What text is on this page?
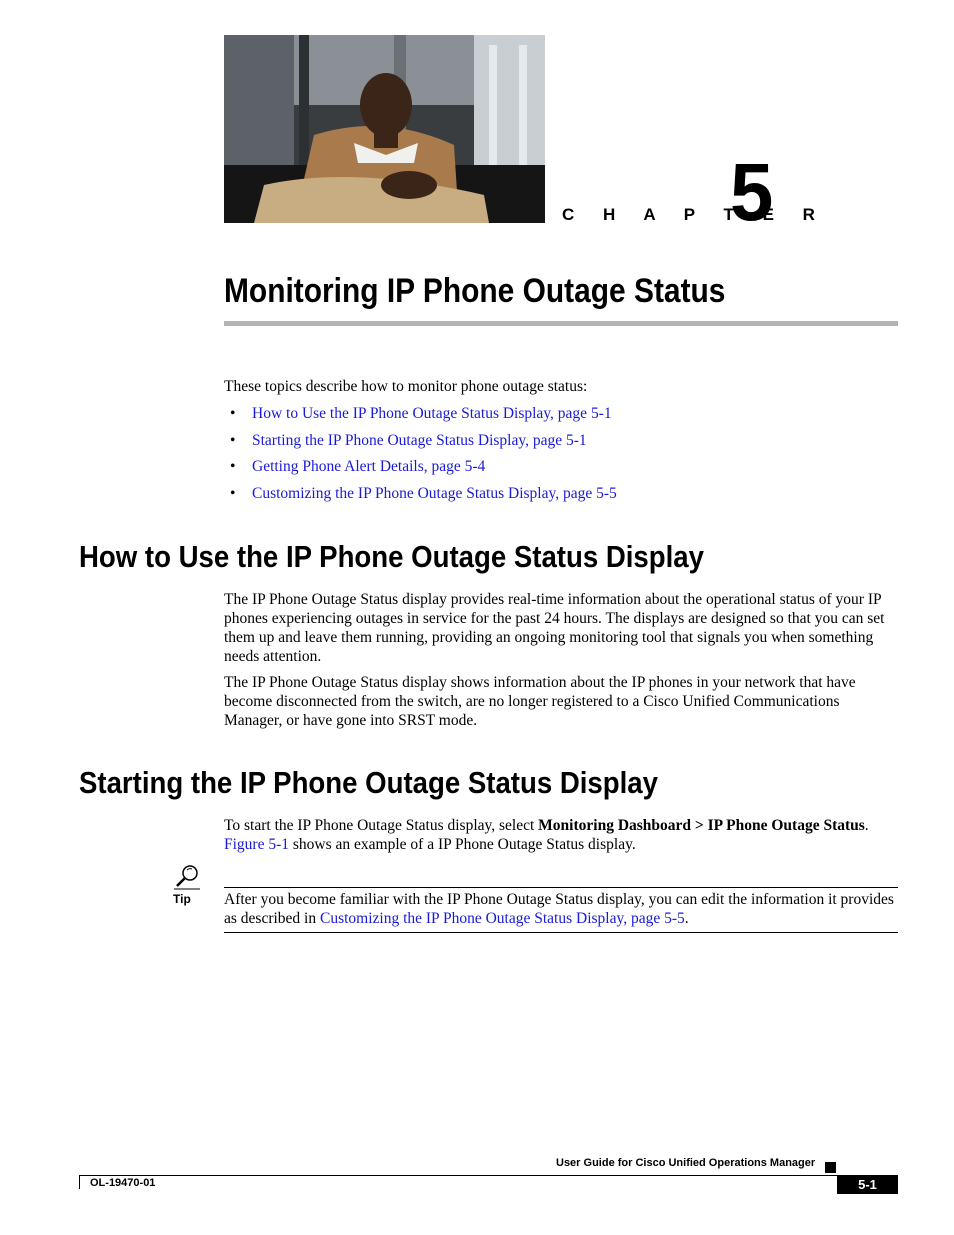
C H A P T E R
5
Monitoring IP Phone Outage Status

These topics describe how to monitor phone outage status:

• How to Use the IP Phone Outage Status Display, page 5-1
• Starting the IP Phone Outage Status Display, page 5-1
• Getting Phone Alert Details, page 5-4
• Customizing the IP Phone Outage Status Display, page 5-5
How to Use the IP Phone Outage Status Display

The IP Phone Outage Status display provides real-time information about the operational status of your IP phones experiencing outages in service for the past 24 hours. The displays are designed so that you can set them up and leave them running, providing an ongoing monitoring tool that signals you when something needs attention.

The IP Phone Outage Status display shows information about the IP phones in your network that have become disconnected from the switch, are no longer registered to a Cisco Unified Communications Manager, or have gone into SRST mode.

Starting the IP Phone Outage Status Display

To start the IP Phone Outage Status display, select Monitoring Dashboard > IP Phone Outage Status.
Figure 5-1 shows an example of a IP Phone Outage Status display.

Tip After you become familiar with the IP Phone Outage Status display, you can edit the information it provides as described in Customizing the IP Phone Outage Status Display, page 5-5.

User Guide for Cisco Unified Operations Manager
OL-19470-01	5-1
